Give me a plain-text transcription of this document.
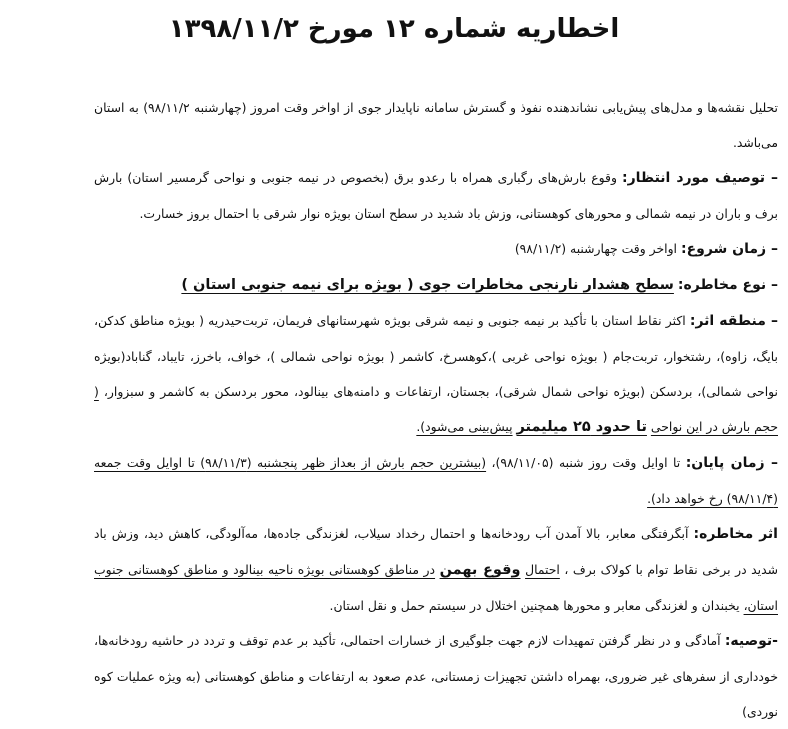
اخطاریه شماره ۱۲ مورخ ۱۳۹۸/۱۱/۲

تحلیل نقشه‌ها و مدل‌های پیش‌یابی نشاندهنده نفوذ و گسترش سامانه ناپایدار جوی از اواخر وقت امروز (چهارشنبه ۹۸/۱۱/۲) به استان می‌باشد.

– توصیف مورد انتظار: وقوع بارش‌های رگباری همراه با رعدو برق (بخصوص در نیمه جنوبی و نواحی گرمسیر استان) بارش برف و باران در نیمه شمالی و محورهای کوهستانی، وزش باد شدید در سطح استان بویژه نوار شرقی با احتمال بروز خسارت.

– زمان شروع: اواخر وقت چهارشنبه (۹۸/۱۱/۲)

– نوع مخاطره: سطح هشدار نارنجی مخاطرات جوی ( بویژه برای نیمه جنوبی استان )

– منطقه اثر: اکثر نقاط استان با تأکید بر نیمه جنوبی و نیمه شرقی بویژه شهرستانهای فریمان، تربت‌حیدریه ( بویژه مناطق کدکن، بایگ، زاوه)، رشتخوار، تربت‌جام ( بویژه نواحی غربی )،کوهسرخ، کاشمر ( بویژه نواحی شمالی )، خواف، باخرز، تایباد، گناباد(بویژه نواحی شمالی)، بردسکن (بویژه نواحی شمال شرقی)، بجستان، ارتفاعات و دامنه‌های بینالود، محور بردسکن به کاشمر و سبزوار، ( حجم بارش در این نواحی تا حدود ۲۵ میلیمتر پیش‌بینی می‌شود).

– زمان پایان: تا اوایل وقت روز شنبه (۹۸/۱۱/۰۵)، (بیشترین حجم بارش از بعداز ظهر پنجشنبه (۹۸/۱۱/۳) تا اوایل وقت جمعه (۹۸/۱۱/۴) رخ خواهد داد).

اثر مخاطره: آبگرفتگی معابر، بالا آمدن آب رودخانه‌ها و احتمال رخداد سیلاب، لغزندگی جاده‌ها، مه‌آلودگی، کاهش دید، وزش باد شدید در برخی نقاط توام با کولاک برف ، احتمال وقوع بهمن در مناطق کوهستانی بویژه ناحیه بینالود و مناطق کوهستانی جنوب استان، یخبندان و لغزندگی معابر و محورها همچنین اختلال در سیستم حمل و نقل استان.

-توصیه: آمادگی و در نظر گرفتن تمهیدات لازم جهت جلوگیری از خسارات احتمالی، تأکید بر عدم توقف و تردد در حاشیه رودخانه‌ها، خودداری از سفرهای غیر ضروری، بهمراه داشتن تجهیزات زمستانی، عدم صعود به ارتفاعات و مناطق کوهستانی (به ویژه عملیات کوه نوردی)
